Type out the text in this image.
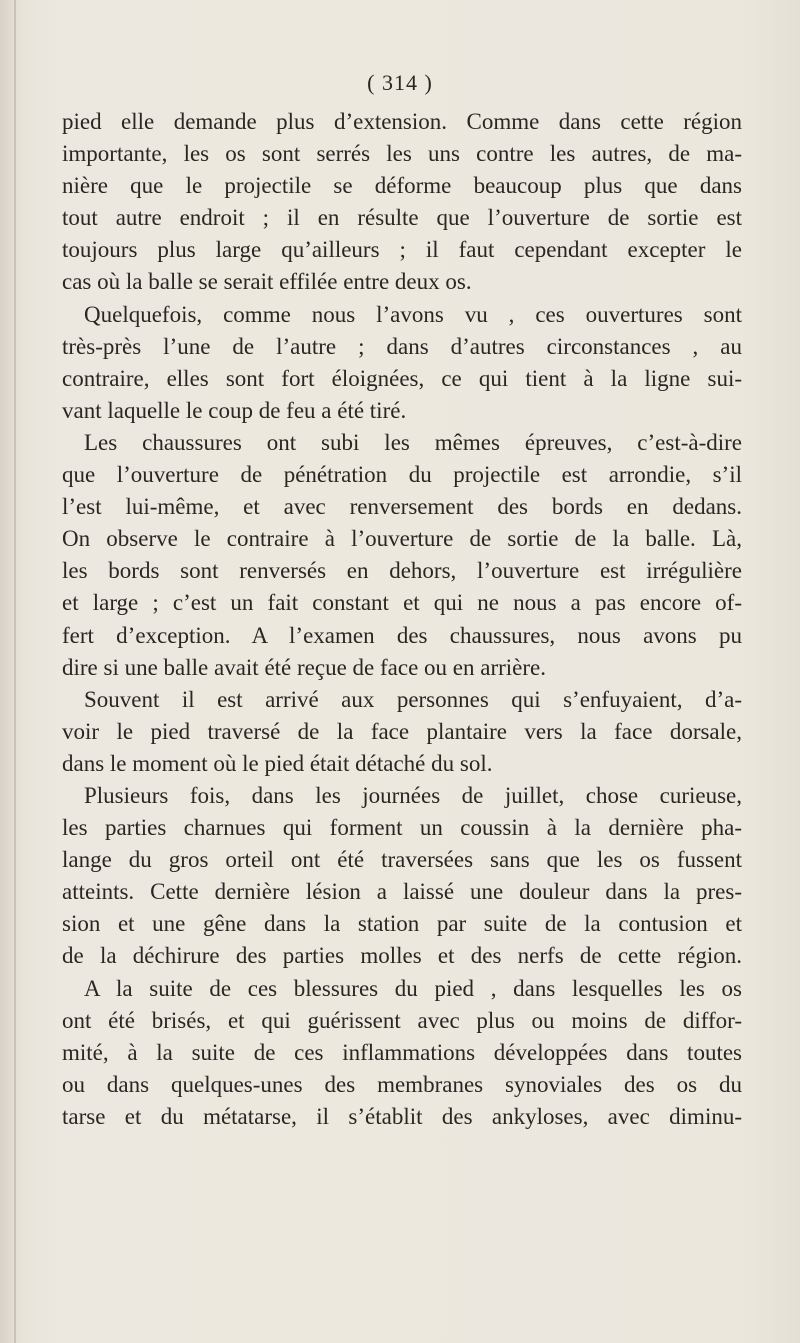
( 314 )
pied elle demande plus d’extension. Comme dans cette région
importante, les os sont serrés les uns contre les autres, de ma-
nière que le projectile se déforme beaucoup plus que dans
tout autre endroit ; il en résulte que l’ouverture de sortie est
toujours plus large qu’ailleurs ; il faut cependant excepter le
cas où la balle se serait effilée entre deux os.
Quelquefois, comme nous l’avons vu , ces ouvertures sont
très-près l’une de l’autre ; dans d’autres circonstances , au
contraire, elles sont fort éloignées, ce qui tient à la ligne sui-
vant laquelle le coup de feu a été tiré.
Les chaussures ont subi les mêmes épreuves, c’est-à-dire
que l’ouverture de pénétration du projectile est arrondie, s’il
l’est lui-même, et avec renversement des bords en dedans.
On observe le contraire à l’ouverture de sortie de la balle. Là,
les bords sont renversés en dehors, l’ouverture est irrégulière
et large ; c’est un fait constant et qui ne nous a pas encore of-
fert d’exception. A l’examen des chaussures, nous avons pu
dire si une balle avait été reçue de face ou en arrière.
Souvent il est arrivé aux personnes qui s’enfuyaient, d’a-
voir le pied traversé de la face plantaire vers la face dorsale,
dans le moment où le pied était détaché du sol.
Plusieurs fois, dans les journées de juillet, chose curieuse,
les parties charnues qui forment un coussin à la dernière pha-
lange du gros orteil ont été traversées sans que les os fussent
atteints. Cette dernière lésion a laissé une douleur dans la pres-
sion et une gêne dans la station par suite de la contusion et
de la déchirure des parties molles et des nerfs de cette région.
A la suite de ces blessures du pied , dans lesquelles les os
ont été brisés, et qui guérissent avec plus ou moins de diffor-
mité, à la suite de ces inflammations développées dans toutes
ou dans quelques-unes des membranes synoviales des os du
tarse et du métatarse, il s’établit des ankyloses, avec diminu-
